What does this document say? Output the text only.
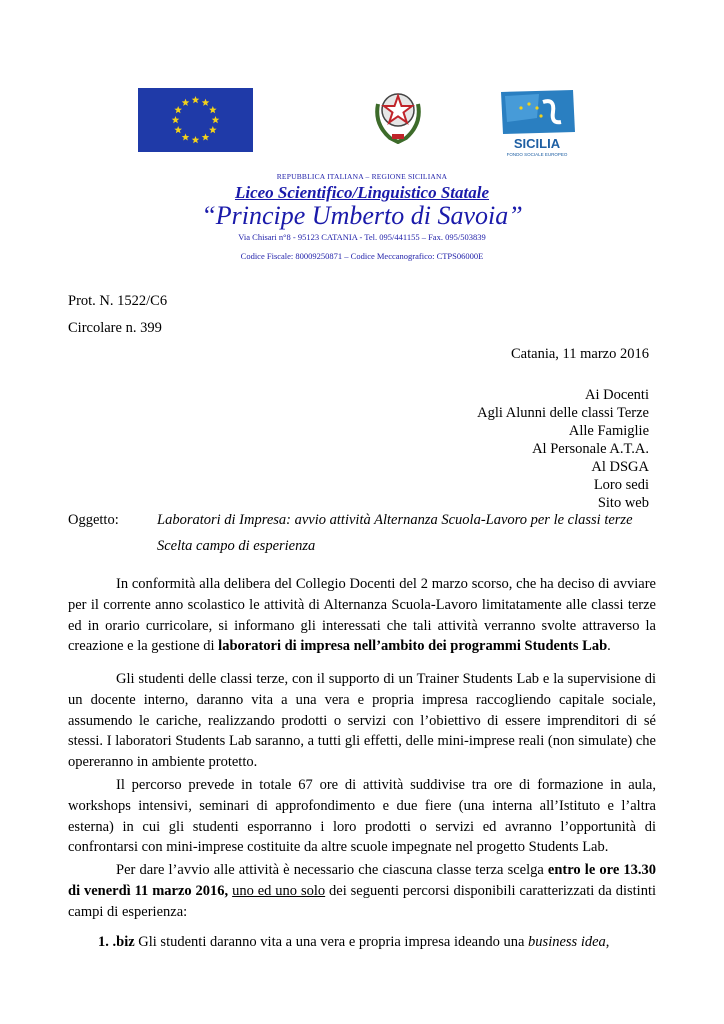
SICILIA
FONDO SOCIALE EUROPEO
REPUBBLICA ITALIANA – REGIONE SICILIANA
Liceo Scientifico/Linguistico Statale
“Principe Umberto di Savoia”
Via Chisari n°8 - 95123 CATANIA - Tel. 095/441155 – Fax. 095/503839
Codice Fiscale: 80009250871 – Codice Meccanografico: CTPS06000E
Prot. N. 1522/C6
Circolare n. 399
Catania, 11 marzo 2016
Ai Docenti
Agli Alunni delle classi Terze
Alle Famiglie
Al Personale A.T.A.
Al DSGA
Loro sedi
Sito web
Oggetto:	Laboratori di Impresa: avvio attività Alternanza Scuola-Lavoro per le classi terze
Scelta campo di esperienza
In conformità alla delibera del Collegio Docenti del 2 marzo scorso, che ha deciso di avviare per il corrente anno scolastico le attività di Alternanza Scuola-Lavoro limitatamente alle classi terze ed in orario curricolare, si informano gli interessati che tali attività verranno svolte attraverso la creazione e la gestione di laboratori di impresa nell’ambito dei programmi Students Lab.
Gli studenti delle classi terze, con il supporto di un Trainer Students Lab e la supervisione di un docente interno, daranno vita a una vera e propria impresa raccogliendo capitale sociale, assumendo le cariche, realizzando prodotti o servizi con l’obiettivo di essere imprenditori di sé stessi. I laboratori Students Lab saranno, a tutti gli effetti, delle mini-imprese reali (non simulate) che opereranno in ambiente protetto.
Il percorso prevede in totale 67 ore di attività suddivise tra ore di formazione in aula, workshops intensivi, seminari di approfondimento e due fiere (una interna all’Istituto e l’altra esterna) in cui gli studenti esporranno i loro prodotti o servizi ed avranno l’opportunità di confrontarsi con mini-imprese costituite da altre scuole impegnate nel progetto Students Lab.
Per dare l’avvio alle attività è necessario che ciascuna classe terza scelga entro le ore 13.30 di venerdì 11 marzo 2016, uno ed uno solo dei seguenti percorsi disponibili caratterizzati da distinti campi di esperienza:
1. .biz Gli studenti daranno vita a una vera e propria impresa ideando una business idea,
